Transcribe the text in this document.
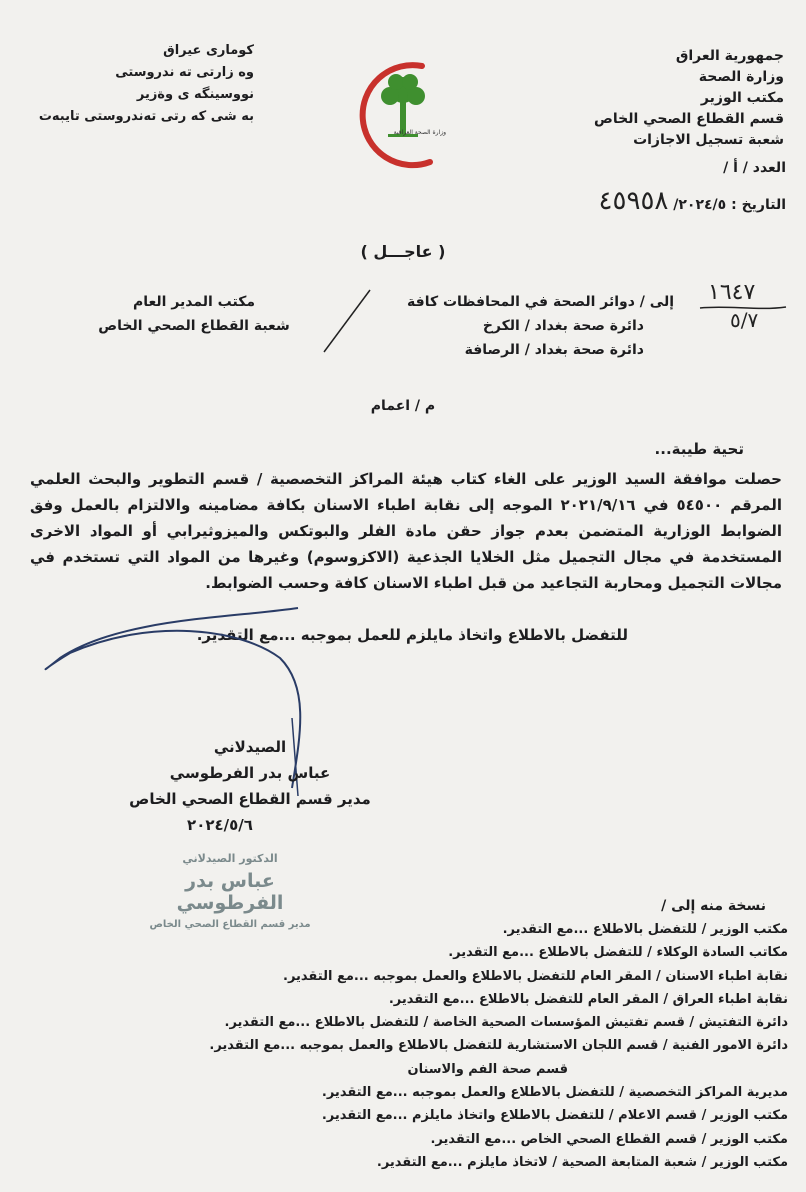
جمهورية العراق
وزارة الصحة
مكتب الوزير
قسم القطاع الصحي الخاص
شعبة تسجيل الاجازات
كوماری عیراق
وه زارتی ته ندروستی
نووسینگه ی وةزیر
به شی كه رتی تەندروستی تایبەت
وزارة الصحة العراقية
العدد / أ /
التاريخ : ٢٠٢٤/٥/ ٤٥٩٥٨
( عاجـــل )
١٦٤٧
٥/٧
إلى / دوائر الصحة في المحافظات كافة
دائرة صحة بغداد / الكرخ
دائرة صحة بغداد / الرصافة
مكتب المدير العام
شعبة القطاع الصحي الخاص
م / اعمام
تحية طيبة...
حصلت موافقة السيد الوزير على الغاء كتاب هيئة المراكز التخصصية / قسم التطوير والبحث العلمي المرقم ٥٤٥٠٠ في ٢٠٢١/٩/١٦ الموجه إلى نقابة اطباء الاسنان بكافة مضامينه والالتزام بالعمل وفق الضوابط الوزارية المتضمن بعدم جواز حقن مادة الفلر والبوتكس والميزوثيرابي أو المواد الاخرى المستخدمة في مجال التجميل مثل الخلايا الجذعية (الاكزوسوم) وغيرها من المواد التي تستخدم في مجالات التجميل ومحاربة التجاعيد من قبل اطباء الاسنان كافة وحسب الضوابط.
للتفضل بالاطلاع واتخاذ مايلزم للعمل بموجبه ...مع التقدير.
الصيدلاني
عباس بدر الفرطوسي
مدير قسم القطاع الصحي الخاص
٢٠٢٤/٥/٦
الدكتور الصيدلاني
عباس بدر الفرطوسي
مدير قسم القطاع الصحي الخاص
نسخة منه إلى /
مكتب الوزير / للتفضل بالاطلاع ...مع التقدير.
مكاتب السادة الوكلاء / للتفضل بالاطلاع ...مع التقدير.
نقابة اطباء الاسنان / المقر العام للتفضل بالاطلاع والعمل بموجبه ...مع التقدير.
نقابة اطباء العراق / المقر العام للتفضل بالاطلاع ...مع التقدير.
دائرة التفتيش / قسم تفتيش المؤسسات الصحية الخاصة / للتفضل بالاطلاع ...مع التقدير.
دائرة الامور الفنية / قسم اللجان الاستشارية للتفضل بالاطلاع والعمل بموجبه ...مع التقدير.
قسم صحة الفم والاسنان
مديرية المراكز التخصصية / للتفضل بالاطلاع والعمل بموجبه ...مع التقدير.
مكتب الوزير / قسم الاعلام / للتفضل بالاطلاع واتخاذ مايلزم ...مع التقدير.
مكتب الوزير / قسم القطاع الصحي الخاص ...مع التقدير.
مكتب الوزير / شعبة المتابعة الصحية / لاتخاذ مايلزم ...مع التقدير.
